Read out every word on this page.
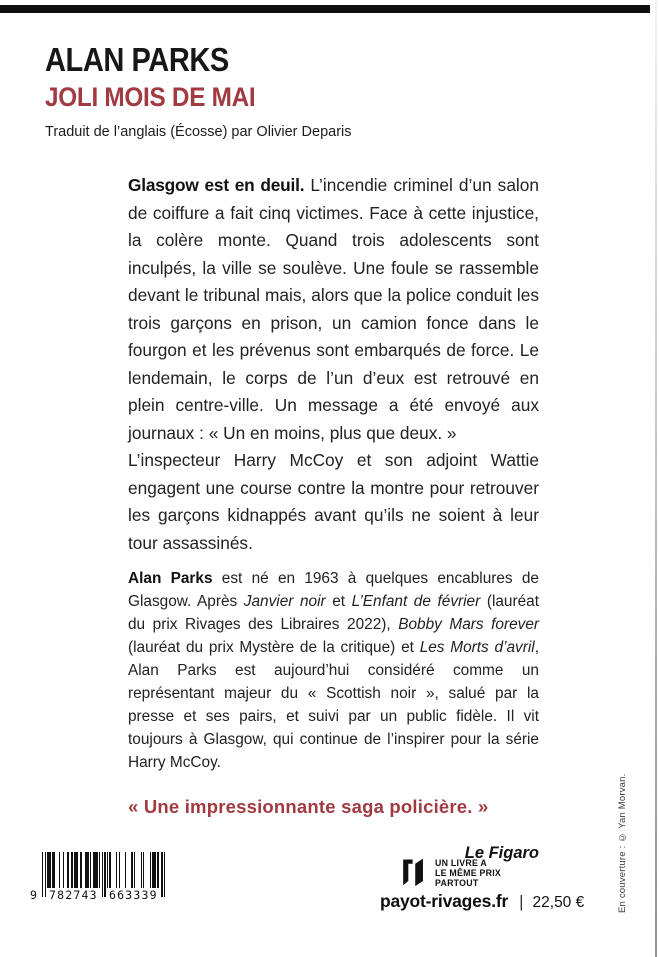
ALAN PARKS
JOLI MOIS DE MAI
Traduit de l’anglais (Écosse) par Olivier Deparis

Glasgow est en deuil. L’incendie criminel d’un salon de coiffure a fait cinq victimes. Face à cette injustice, la colère monte. Quand trois adolescents sont inculpés, la ville se soulève. Une foule se rassemble devant le tribunal mais, alors que la police conduit les trois garçons en prison, un camion fonce dans le fourgon et les prévenus sont embarqués de force. Le lendemain, le corps de l’un d’eux est retrouvé en plein centre-ville. Un message a été envoyé aux journaux : « Un en moins, plus que deux. »

L’inspecteur Harry McCoy et son adjoint Wattie engagent une course contre la montre pour retrouver les garçons kidnappés avant qu’ils ne soient à leur tour assassinés.

Alan Parks est né en 1963 à quelques encablures de Glasgow. Après Janvier noir et L’Enfant de février (lauréat du prix Rivages des Libraires 2022), Bobby Mars forever (lauréat du prix Mystère de la critique) et Les Morts d’avril, Alan Parks est aujourd’hui considéré comme un représentant majeur du « Scottish noir », salué par la presse et ses pairs, et suivi par un public fidèle. Il vit toujours à Glasgow, qui continue de l’inspirer pour la série Harry McCoy.

« Une impressionnante saga policière. »
Le Figaro
9 782743 663339
UN LIVRE A
LE MÊME PRIX
PARTOUT
payot-rivages.fr | 22,50 €	En couverture : © Yan Morvan.
